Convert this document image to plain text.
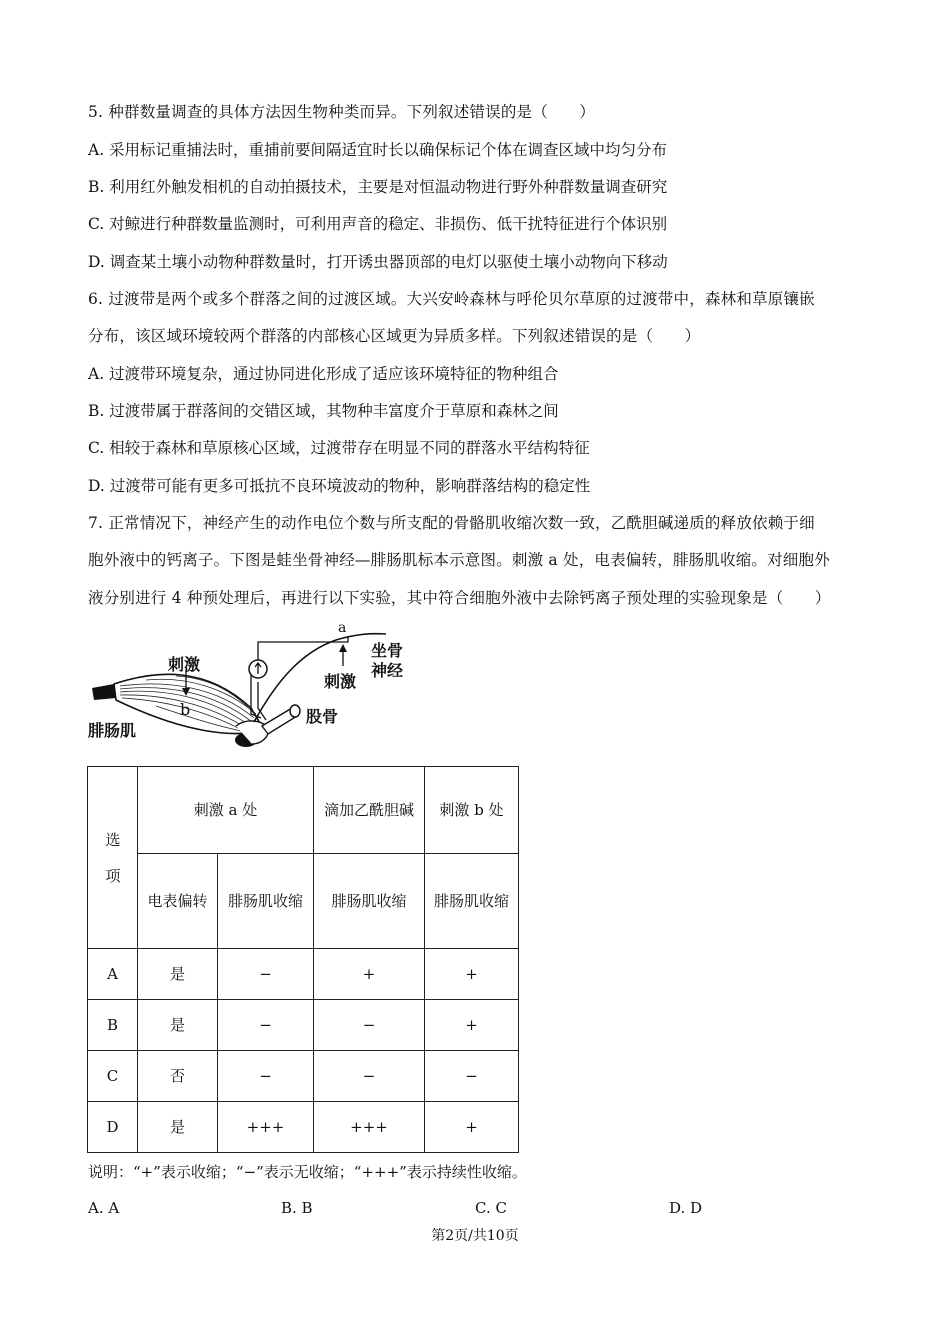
5. 种群数量调查的具体方法因生物种类而异。下列叙述错误的是（　　）
A. 采用标记重捕法时，重捕前要间隔适宜时长以确保标记个体在调查区域中均匀分布
B. 利用红外触发相机的自动拍摄技术，主要是对恒温动物进行野外种群数量调查研究
C. 对鲸进行种群数量监测时，可利用声音的稳定、非损伤、低干扰特征进行个体识别
D. 调查某土壤小动物种群数量时，打开诱虫器顶部的电灯以驱使土壤小动物向下移动
6. 过渡带是两个或多个群落之间的过渡区域。大兴安岭森林与呼伦贝尔草原的过渡带中，森林和草原镶嵌
分布，该区域环境较两个群落的内部核心区域更为异质多样。下列叙述错误的是（　　）
A. 过渡带环境复杂，通过协同进化形成了适应该环境特征的物种组合
B. 过渡带属于群落间的交错区域，其物种丰富度介于草原和森林之间
C. 相较于森林和草原核心区域，过渡带存在明显不同的群落水平结构特征
D. 过渡带可能有更多可抵抗不良环境波动的物种，影响群落结构的稳定性
7. 正常情况下，神经产生的动作电位个数与所支配的骨骼肌收缩次数一致，乙酰胆碱递质的释放依赖于细
胞外液中的钙离子。下图是蛙坐骨神经—腓肠肌标本示意图。刺激 a 处，电表偏转，腓肠肌收缩。对细胞外
液分别进行 4 种预处理后，再进行以下实验，其中符合细胞外液中去除钙离子预处理的实验现象是（　　）
刺激
b
腓肠肌
a
坐骨
神经
刺激
股骨
选项	刺激 a 处		滴加乙酰胆碱	刺激 b 处

	电表偏转	腓肠肌收缩	腓肠肌收缩	腓肠肌收缩

A	是	−	+	+
B	是	−	−	+
C	否	−	−	−
D	是	+++	+++	+
说明：“+”表示收缩；“−”表示无收缩；“+++”表示持续性收缩。
A. A	B. B	C. C	D. D
第2页/共10页
